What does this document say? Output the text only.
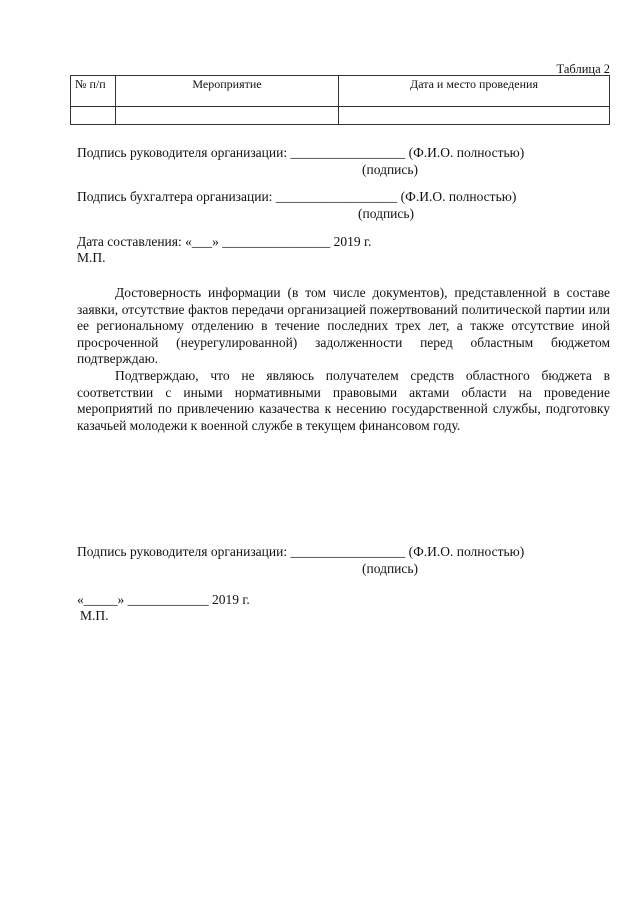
Таблица 2
№ п/п	Мероприятие	Дата и место проведения

Подпись руководителя организации: _________________ (Ф.И.О. полностью)
(подпись)
Подпись бухгалтера организации: __________________ (Ф.И.О. полностью)
(подпись)
Дата составления: «___» ________________ 2019 г.
М.П.

Достоверность информации (в том числе документов), представленной в составе заявки, отсутствие фактов передачи организацией пожертвований политической партии или ее региональному отделению в течение последних трех лет, а также отсутствие иной просроченной (неурегулированной) задолженности перед областным бюджетом подтверждаю.

Подтверждаю, что не являюсь получателем средств областного бюджета в соответствии с иными нормативными правовыми актами области на проведение мероприятий по привлечению казачества к несению государственной службы, подготовку казачьей молодежи к военной службе в текущем финансовом году.

Подпись руководителя организации: _________________ (Ф.И.О. полностью)
(подпись)
«_____» ____________ 2019 г.
М.П.
